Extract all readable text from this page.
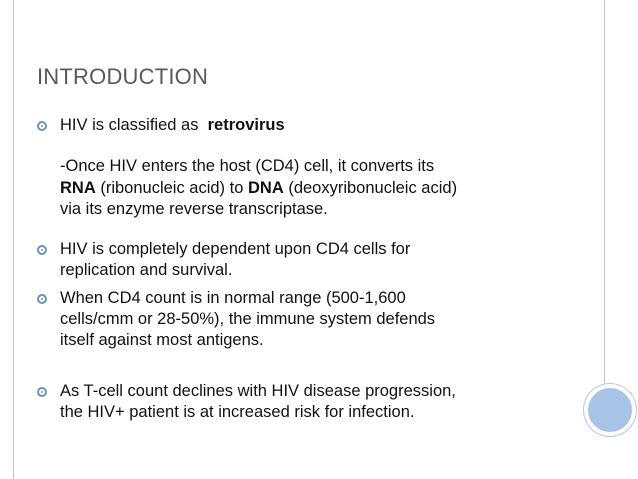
INTRODUCTION
HIV is classified as retrovirus
-Once HIV enters the host (CD4) cell, it converts its
RNA (ribonucleic acid) to DNA (deoxyribonucleic acid)
via its enzyme reverse transcriptase.
HIV is completely dependent upon CD4 cells for
replication and survival.
When CD4 count is in normal range (500-1,600
cells/cmm or 28-50%), the immune system defends
itself against most antigens.
As T-cell count declines with HIV disease progression,
the HIV+ patient is at increased risk for infection.
